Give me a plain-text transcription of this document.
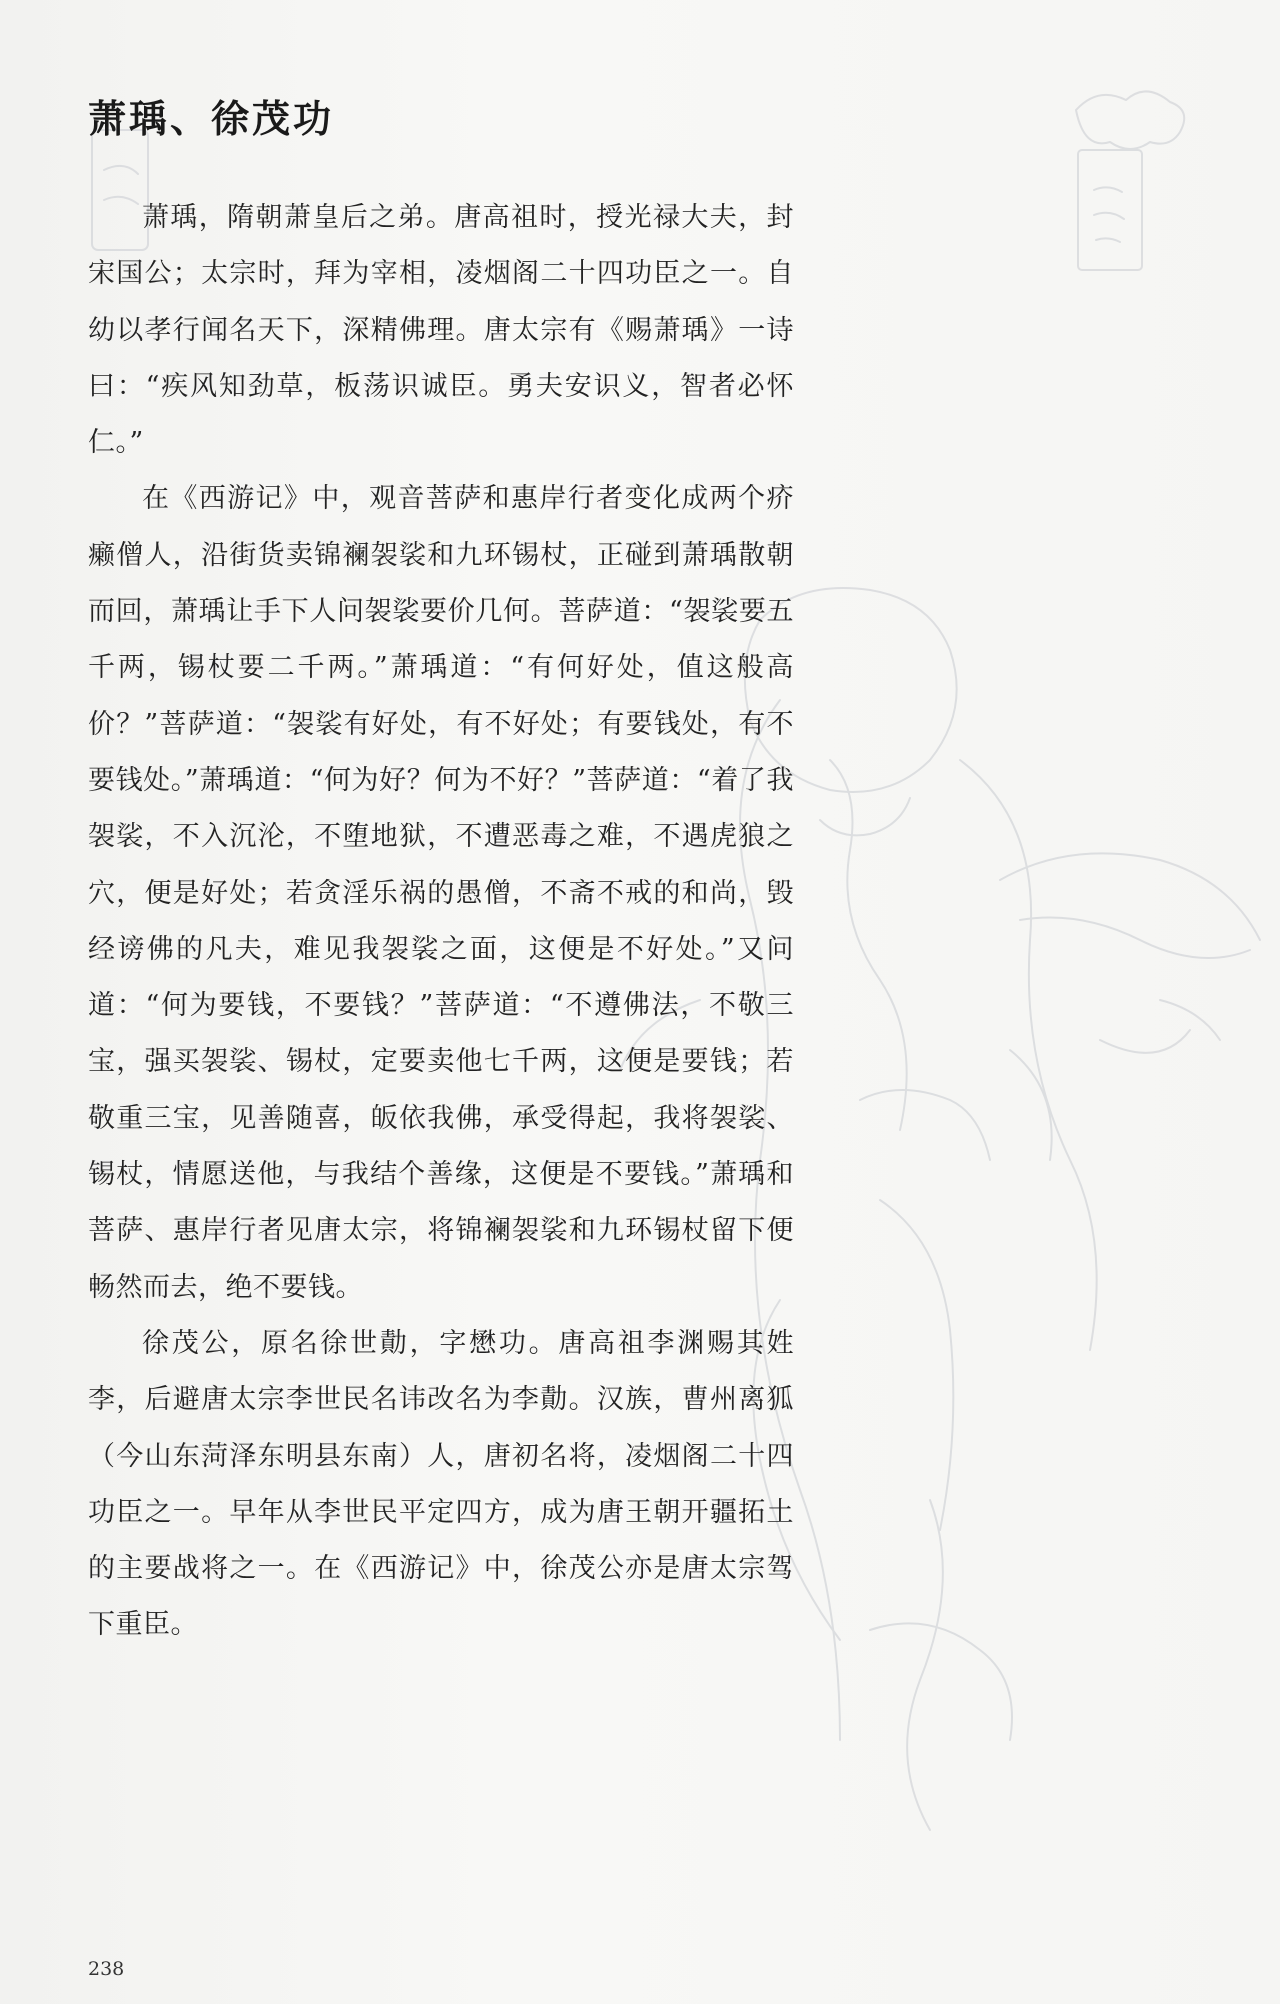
萧瑀、徐茂功

萧瑀，隋朝萧皇后之弟。唐高祖时，授光禄大夫，封宋国公；太宗时，拜为宰相，凌烟阁二十四功臣之一。自幼以孝行闻名天下，深精佛理。唐太宗有《赐萧瑀》一诗曰：“疾风知劲草，板荡识诚臣。勇夫安识义，智者必怀仁。”

在《西游记》中，观音菩萨和惠岸行者变化成两个疥癞僧人，沿街货卖锦襕袈裟和九环锡杖，正碰到萧瑀散朝而回，萧瑀让手下人问袈裟要价几何。菩萨道：“袈裟要五千两，锡杖要二千两。”萧瑀道：“有何好处，值这般高价？”菩萨道：“袈裟有好处，有不好处；有要钱处，有不要钱处。”萧瑀道：“何为好？何为不好？”菩萨道：“着了我袈裟，不入沉沦，不堕地狱，不遭恶毒之难，不遇虎狼之穴，便是好处；若贪淫乐祸的愚僧，不斋不戒的和尚，毁经谤佛的凡夫，难见我袈裟之面，这便是不好处。”又问道：“何为要钱，不要钱？”菩萨道：“不遵佛法，不敬三宝，强买袈裟、锡杖，定要卖他七千两，这便是要钱；若敬重三宝，见善随喜，皈依我佛，承受得起，我将袈裟、锡杖，情愿送他，与我结个善缘，这便是不要钱。”萧瑀和菩萨、惠岸行者见唐太宗，将锦襕袈裟和九环锡杖留下便畅然而去，绝不要钱。

徐茂公，原名徐世勣，字懋功。唐高祖李渊赐其姓李，后避唐太宗李世民名讳改名为李勣。汉族，曹州离狐（今山东菏泽东明县东南）人，唐初名将，凌烟阁二十四功臣之一。早年从李世民平定四方，成为唐王朝开疆拓土的主要战将之一。在《西游记》中，徐茂公亦是唐太宗驾下重臣。

238
